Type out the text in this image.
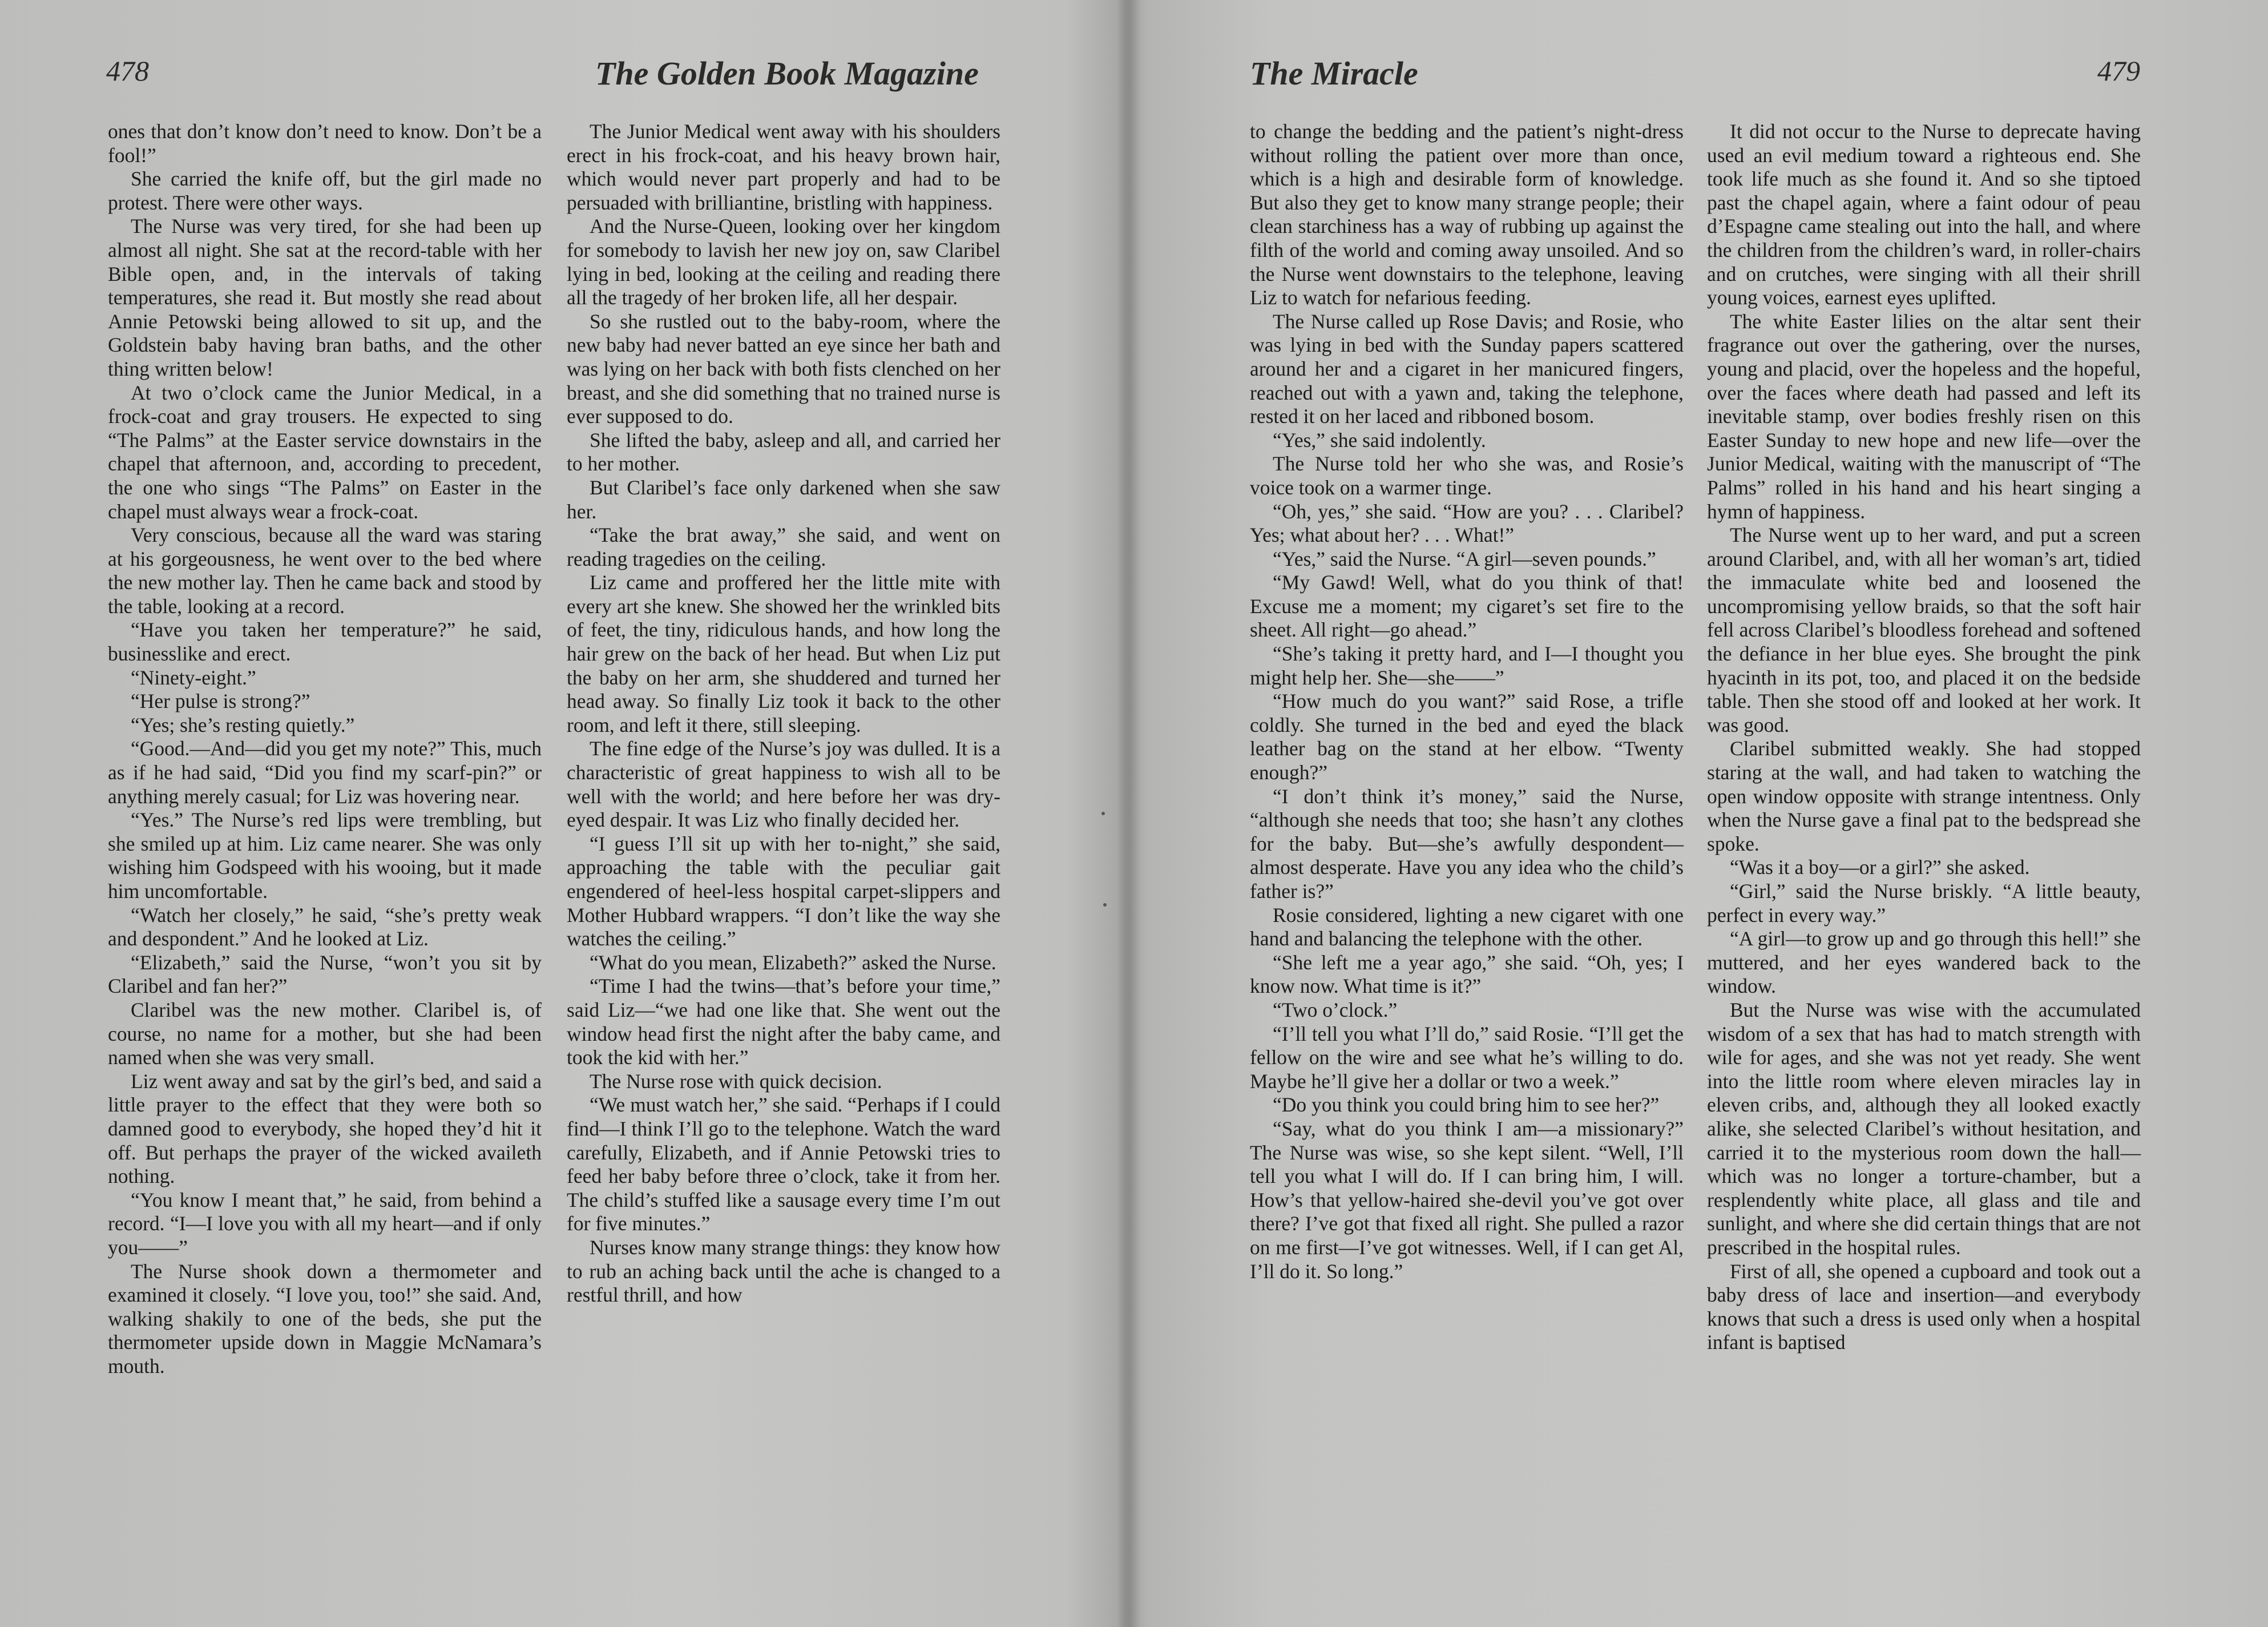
478	The Golden Book Magazine

ones that don’t know don’t need to know. Don’t be a fool!”

She carried the knife off, but the girl made no protest. There were other ways.

The Nurse was very tired, for she had been up almost all night. She sat at the record-table with her Bible open, and, in the intervals of taking temperatures, she read it. But mostly she read about Annie Petowski being allowed to sit up, and the Goldstein baby having bran baths, and the other thing written below!

At two o’clock came the Junior Medical, in a frock-coat and gray trousers. He expected to sing “The Palms” at the Easter service downstairs in the chapel that afternoon, and, according to precedent, the one who sings “The Palms” on Easter in the chapel must always wear a frock-coat.

Very conscious, because all the ward was staring at his gorgeousness, he went over to the bed where the new mother lay. Then he came back and stood by the table, looking at a record.

“Have you taken her temperature?” he said, businesslike and erect.

“Ninety-eight.”

“Her pulse is strong?”

“Yes; she’s resting quietly.”

“Good.—And—did you get my note?” This, much as if he had said, “Did you find my scarf-pin?” or anything merely casual; for Liz was hovering near.

“Yes.” The Nurse’s red lips were trembling, but she smiled up at him. Liz came nearer. She was only wishing him Godspeed with his wooing, but it made him uncomfortable.

“Watch her closely,” he said, “she’s pretty weak and despondent.” And he looked at Liz.

“Elizabeth,” said the Nurse, “won’t you sit by Claribel and fan her?”

Claribel was the new mother. Claribel is, of course, no name for a mother, but she had been named when she was very small.

Liz went away and sat by the girl’s bed, and said a little prayer to the effect that they were both so damned good to everybody, she hoped they’d hit it off. But perhaps the prayer of the wicked availeth nothing.

“You know I meant that,” he said, from behind a record. “I—I love you with all my heart—and if only you——”

The Nurse shook down a thermometer and examined it closely. “I love you, too!” she said. And, walking shakily to one of the beds, she put the thermometer upside down in Maggie McNamara’s mouth.

The Junior Medical went away with his shoulders erect in his frock-coat, and his heavy brown hair, which would never part properly and had to be persuaded with brilliantine, bristling with happiness.

And the Nurse-Queen, looking over her kingdom for somebody to lavish her new joy on, saw Claribel lying in bed, looking at the ceiling and reading there all the tragedy of her broken life, all her despair.

So she rustled out to the baby-room, where the new baby had never batted an eye since her bath and was lying on her back with both fists clenched on her breast, and she did something that no trained nurse is ever supposed to do.

She lifted the baby, asleep and all, and carried her to her mother.

But Claribel’s face only darkened when she saw her.

“Take the brat away,” she said, and went on reading tragedies on the ceiling.

Liz came and proffered her the little mite with every art she knew. She showed her the wrinkled bits of feet, the tiny, ridiculous hands, and how long the hair grew on the back of her head. But when Liz put the baby on her arm, she shuddered and turned her head away. So finally Liz took it back to the other room, and left it there, still sleeping.

The fine edge of the Nurse’s joy was dulled. It is a characteristic of great happiness to wish all to be well with the world; and here before her was dry-eyed despair. It was Liz who finally decided her.

“I guess I’ll sit up with her to-night,” she said, approaching the table with the peculiar gait engendered of heel-less hospital carpet-slippers and Mother Hubbard wrappers. “I don’t like the way she watches the ceiling.”

“What do you mean, Elizabeth?” asked the Nurse.

“Time I had the twins—that’s before your time,” said Liz—“we had one like that. She went out the window head first the night after the baby came, and took the kid with her.”

The Nurse rose with quick decision.

“We must watch her,” she said. “Perhaps if I could find—I think I’ll go to the telephone. Watch the ward carefully, Elizabeth, and if Annie Petowski tries to feed her baby before three o’clock, take it from her. The child’s stuffed like a sausage every time I’m out for five minutes.”

Nurses know many strange things: they know how to rub an aching back until the ache is changed to a restful thrill, and how

The Miracle	479

to change the bedding and the patient’s night-dress without rolling the patient over more than once, which is a high and desirable form of knowledge. But also they get to know many strange people; their clean starchiness has a way of rubbing up against the filth of the world and coming away unsoiled. And so the Nurse went downstairs to the telephone, leaving Liz to watch for nefarious feeding.

The Nurse called up Rose Davis; and Rosie, who was lying in bed with the Sunday papers scattered around her and a cigaret in her manicured fingers, reached out with a yawn and, taking the telephone, rested it on her laced and ribboned bosom.

“Yes,” she said indolently.

The Nurse told her who she was, and Rosie’s voice took on a warmer tinge.

“Oh, yes,” she said. “How are you? . . . Claribel? Yes; what about her? . . . What!”

“Yes,” said the Nurse. “A girl—seven pounds.”

“My Gawd! Well, what do you think of that! Excuse me a moment; my cigaret’s set fire to the sheet. All right—go ahead.”

“She’s taking it pretty hard, and I—I thought you might help her. She—she——”

“How much do you want?” said Rose, a trifle coldly. She turned in the bed and eyed the black leather bag on the stand at her elbow. “Twenty enough?”

“I don’t think it’s money,” said the Nurse, “although she needs that too; she hasn’t any clothes for the baby. But—she’s awfully despondent—almost desperate. Have you any idea who the child’s father is?”

Rosie considered, lighting a new cigaret with one hand and balancing the telephone with the other.

“She left me a year ago,” she said. “Oh, yes; I know now. What time is it?”

“Two o’clock.”

“I’ll tell you what I’ll do,” said Rosie. “I’ll get the fellow on the wire and see what he’s willing to do. Maybe he’ll give her a dollar or two a week.”

“Do you think you could bring him to see her?”

“Say, what do you think I am—a missionary?” The Nurse was wise, so she kept silent. “Well, I’ll tell you what I will do. If I can bring him, I will. How’s that yellow-haired she-devil you’ve got over there? I’ve got that fixed all right. She pulled a razor on me first—I’ve got witnesses. Well, if I can get Al, I’ll do it. So long.”

It did not occur to the Nurse to deprecate having used an evil medium toward a righteous end. She took life much as she found it. And so she tiptoed past the chapel again, where a faint odour of peau d’Espagne came stealing out into the hall, and where the children from the children’s ward, in roller-chairs and on crutches, were singing with all their shrill young voices, earnest eyes uplifted.

The white Easter lilies on the altar sent their fragrance out over the gathering, over the nurses, young and placid, over the hopeless and the hopeful, over the faces where death had passed and left its inevitable stamp, over bodies freshly risen on this Easter Sunday to new hope and new life—over the Junior Medical, waiting with the manuscript of “The Palms” rolled in his hand and his heart singing a hymn of happiness.

The Nurse went up to her ward, and put a screen around Claribel, and, with all her woman’s art, tidied the immaculate white bed and loosened the uncompromising yellow braids, so that the soft hair fell across Claribel’s bloodless forehead and softened the defiance in her blue eyes. She brought the pink hyacinth in its pot, too, and placed it on the bedside table. Then she stood off and looked at her work. It was good.

Claribel submitted weakly. She had stopped staring at the wall, and had taken to watching the open window opposite with strange intentness. Only when the Nurse gave a final pat to the bedspread she spoke.

“Was it a boy—or a girl?” she asked.

“Girl,” said the Nurse briskly. “A little beauty, perfect in every way.”

“A girl—to grow up and go through this hell!” she muttered, and her eyes wandered back to the window.

But the Nurse was wise with the accumulated wisdom of a sex that has had to match strength with wile for ages, and she was not yet ready. She went into the little room where eleven miracles lay in eleven cribs, and, although they all looked exactly alike, she selected Claribel’s without hesitation, and carried it to the mysterious room down the hall—which was no longer a torture-chamber, but a resplendently white place, all glass and tile and sunlight, and where she did certain things that are not prescribed in the hospital rules.

First of all, she opened a cupboard and took out a baby dress of lace and insertion—and everybody knows that such a dress is used only when a hospital infant is baptised
